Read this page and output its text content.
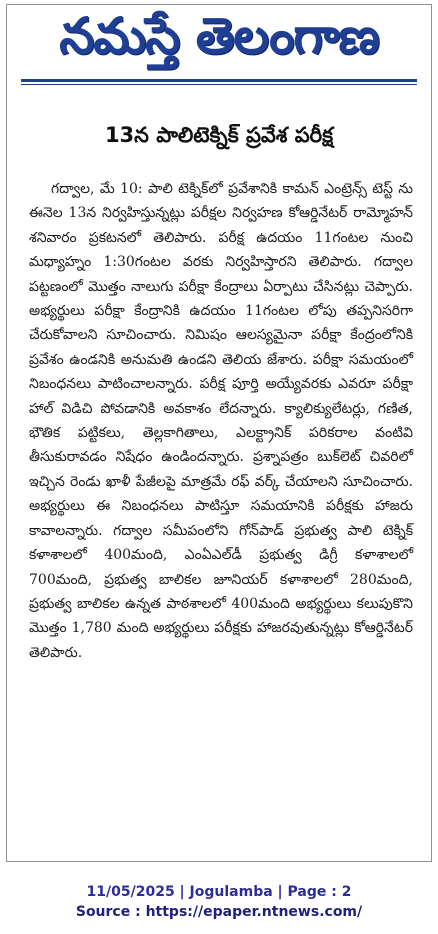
నమస్తే తెలంగాణ
13న పాలిటెక్నిక్ ప్రవేశ పరీక్ష

గద్వాల, మే 10: పాలి టెక్నిక్‌లో ప్రవేశానికి కామన్ ఎంట్రెన్స్ టెస్ట్ ను ఈనెల 13న నిర్వహిస్తున్నట్లు పరీక్షల నిర్వహణ కోఆర్డినేటర్ రామ్మోహన్ శనివారం ప్రకటనలో తెలిపారు. పరీక్ష ఉదయం 11గంటల నుంచి మధ్యాహ్నం 1:30గంటల వరకు నిర్వహిస్తారని తెలిపారు. గద్వాల పట్టణంలో మొత్తం నాలుగు పరీక్షా కేంద్రాలు ఏర్పాటు చేసినట్లు చెప్పారు. అభ్యర్థులు పరీక్షా కేంద్రానికి ఉదయం 11గంటల లోపు తప్పనిసరిగా చేరుకోవాలని సూచించారు. నిమిషం ఆలస్యమైనా పరీక్షా కేంద్రంలోనికి ప్రవేశం ఉండనికి అనుమతి ఉండని తెలియ జేశారు. పరీక్షా సమయంలో నిబంధనలు పాటించాలన్నారు. పరీక్ష పూర్తి అయ్యేవరకు ఎవరూ పరీక్షా హాల్ విడిచి పోవడానికి అవకాశం లేదన్నారు. క్యాలిక్యులేటర్లు, గణిత, భౌతిక పట్టికలు, తెల్లకాగితాలు, ఎలక్ట్రానిక్ పరికరాల వంటివి తీసుకురావడం నిషేధం ఉండిందన్నారు. ప్రశ్నాపత్రం బుక్‌లెట్ చివరిలో ఇచ్చిన రెండు ఖాళీ పేజీలపై మాత్రమే రఫ్ వర్క్ చేయాలని సూచించారు. అభ్యర్థులు ఈ నిబంధనలు పాటిస్తూ సమయానికి పరీక్షకు హాజరు కావాలన్నారు. గద్వాల సమీపంలోని గోన్‌పాడ్ ప్రభుత్వ పాలి టెక్నిక్ కళాశాలలో 400మంది, ఎంఏఎల్‌డీ ప్రభుత్వ డిగ్రీ కళాశాలలో 700మంది, ప్రభుత్వ బాలికల జూనియర్ కళాశాలలో 280మంది, ప్రభుత్వ బాలికల ఉన్నత పాఠశాలలో 400మంది అభ్యర్థులు కలుపుకొని మొత్తం 1,780 మంది అభ్యర్థులు పరీక్షకు హాజరవుతున్నట్లు కోఆర్డినేటర్ తెలిపారు.

11/05/2025 | Jogulamba | Page : 2
Source : https://epaper.ntnews.com/
